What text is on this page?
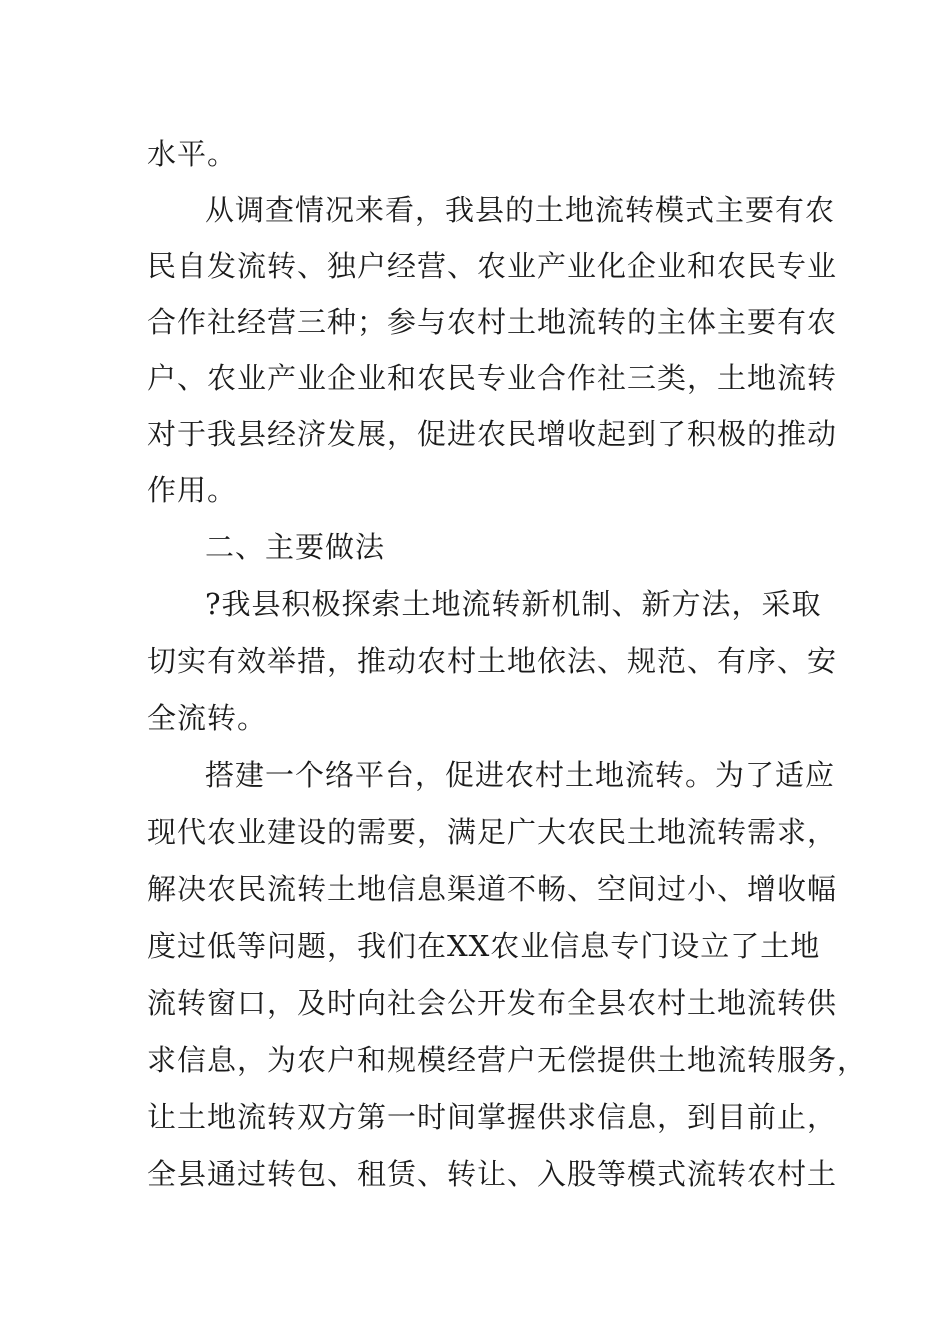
水平。
从调查情况来看，我县的土地流转模式主要有农
民自发流转、独户经营、农业产业化企业和农民专业
合作社经营三种；参与农村土地流转的主体主要有农
户、农业产业企业和农民专业合作社三类，土地流转
对于我县经济发展，促进农民增收起到了积极的推动
作用。
二、主要做法
?我县积极探索土地流转新机制、新方法，采取
切实有效举措，推动农村土地依法、规范、有序、安
全流转。
搭建一个络平台，促进农村土地流转。为了适应
现代农业建设的需要，满足广大农民土地流转需求，
解决农民流转土地信息渠道不畅、空间过小、增收幅
度过低等问题，我们在XX农业信息专门设立了土地
流转窗口，及时向社会公开发布全县农村土地流转供
求信息，为农户和规模经营户无偿提供土地流转服务，
让土地流转双方第一时间掌握供求信息，到目前止，
全县通过转包、租赁、转让、入股等模式流转农村土
